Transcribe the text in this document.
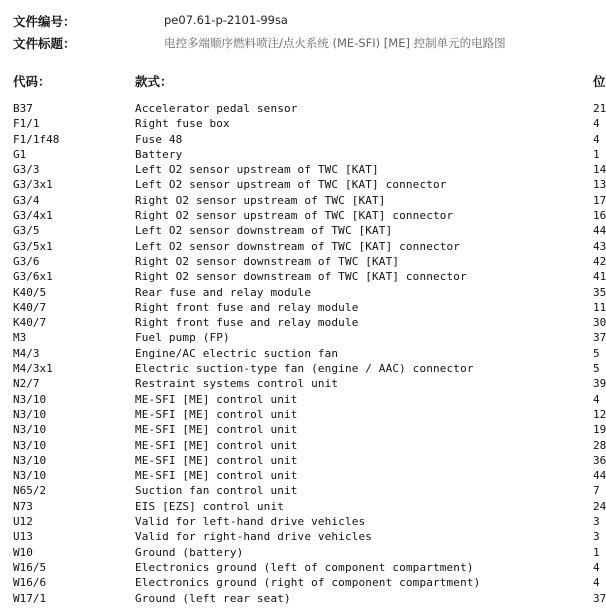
文件编号：	pe07.61-p-2101-99sa
文件标题：	电控多端顺序燃料喷注/点火系统 (ME-SFI) [ME] 控制单元的电路图
代码：	款式：	位
B37	Accelerator pedal sensor	21
F1/1	Right fuse box	4
F1/1f48	Fuse 48	4
G1	Battery	1
G3/3	Left O2 sensor upstream of TWC [KAT]	14
G3/3x1	Left O2 sensor upstream of TWC [KAT] connector	13
G3/4	Right O2 sensor upstream of TWC [KAT]	17
G3/4x1	Right O2 sensor upstream of TWC [KAT] connector	16
G3/5	Left O2 sensor downstream of TWC [KAT]	44
G3/5x1	Left O2 sensor downstream of TWC [KAT] connector	43
G3/6	Right O2 sensor downstream of TWC [KAT]	42
G3/6x1	Right O2 sensor downstream of TWC [KAT] connector	41
K40/5	Rear fuse and relay module	35
K40/7	Right front fuse and relay module	11
K40/7	Right front fuse and relay module	30
M3	Fuel pump (FP)	37
M4/3	Engine/AC electric suction fan	5
M4/3x1	Electric suction-type fan (engine / AAC) connector	5
N2/7	Restraint systems control unit	39
N3/10	ME-SFI [ME] control unit	4
N3/10	ME-SFI [ME] control unit	12
N3/10	ME-SFI [ME] control unit	19
N3/10	ME-SFI [ME] control unit	28
N3/10	ME-SFI [ME] control unit	36
N3/10	ME-SFI [ME] control unit	44
N65/2	Suction fan control unit	7
N73	EIS [EZS] control unit	24
U12	Valid for left-hand drive vehicles	3
U13	Valid for right-hand drive vehicles	3
W10	Ground (battery)	1
W16/5	Electronics ground (left of component compartment)	4
W16/6	Electronics ground (right of component compartment)	4
W17/1	Ground (left rear seat)	37
